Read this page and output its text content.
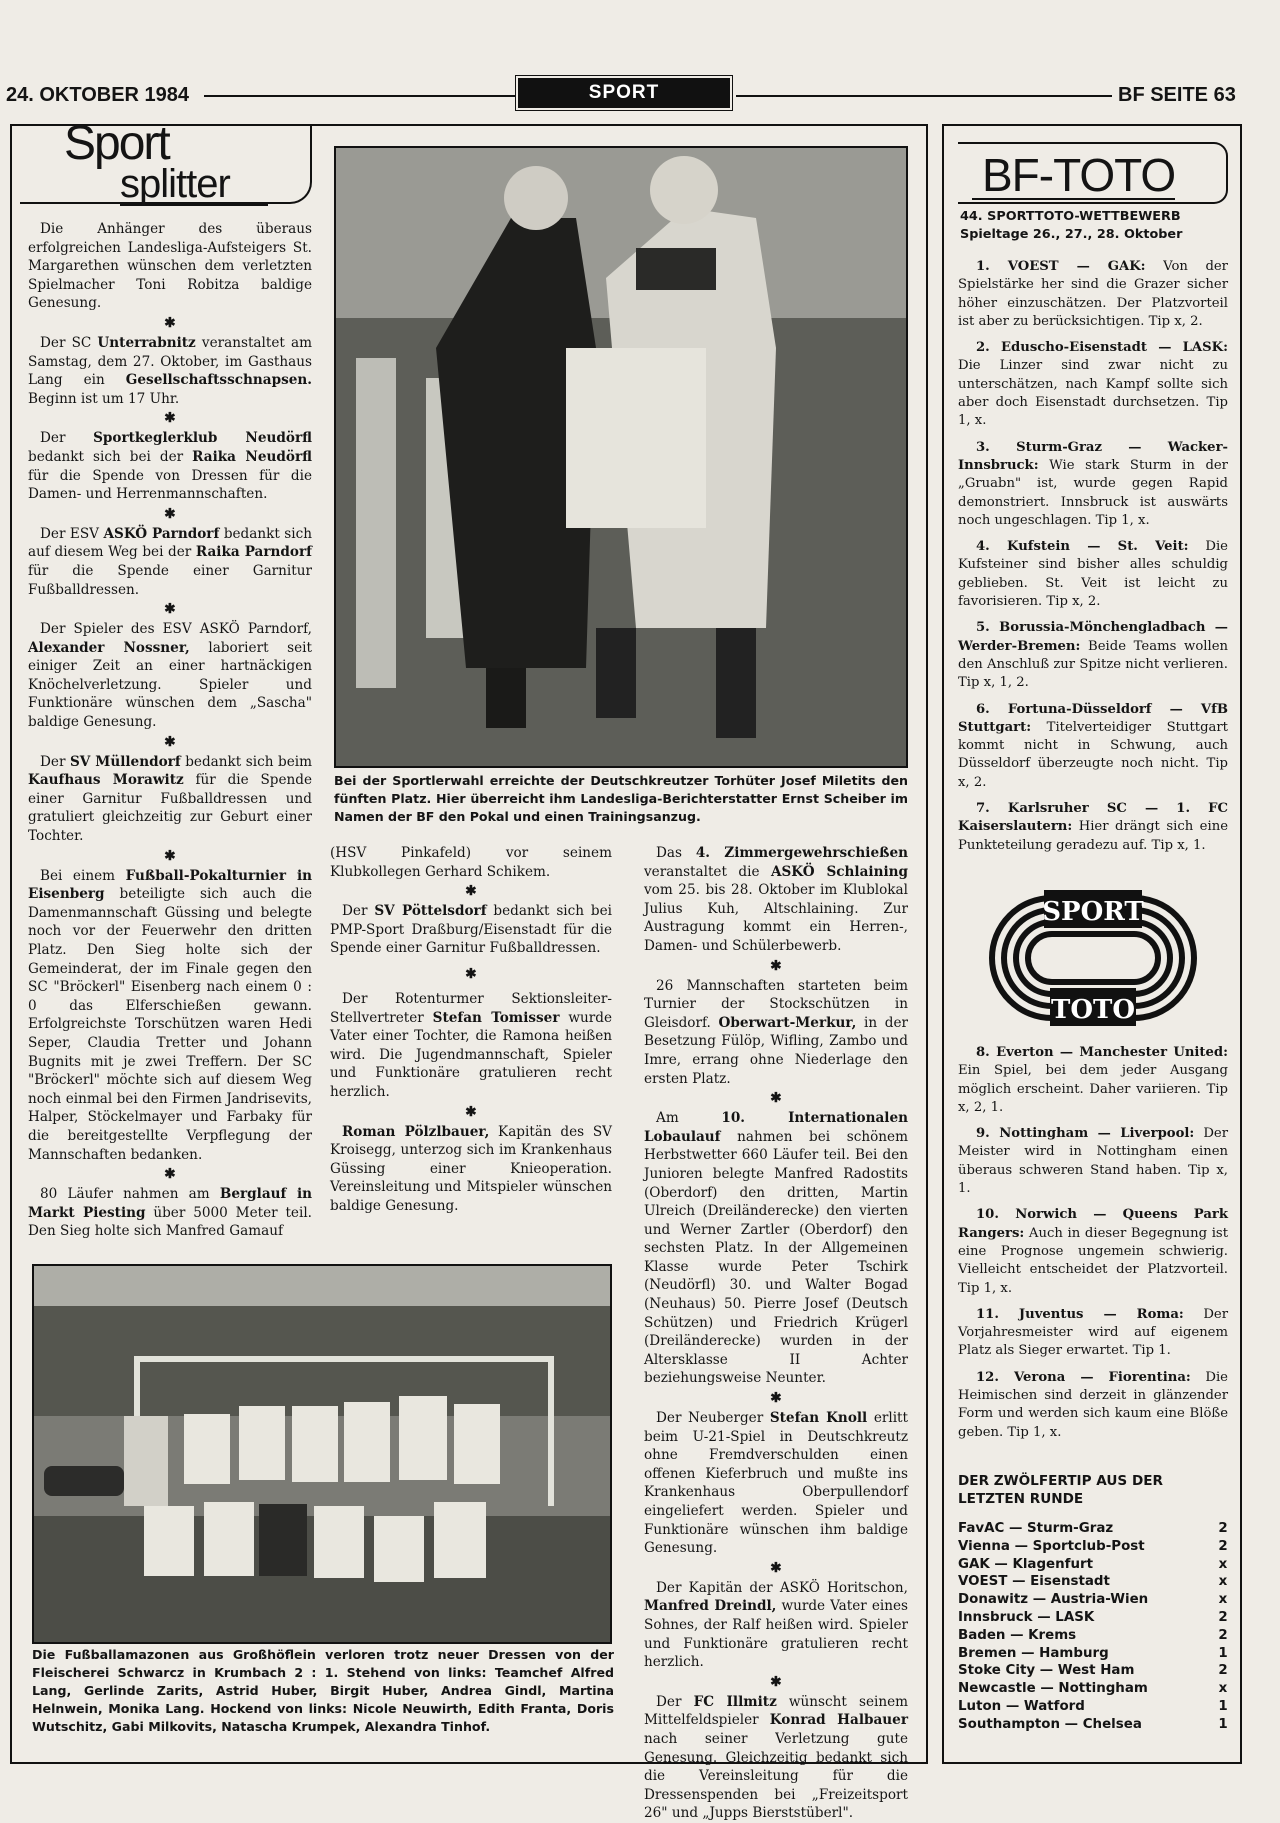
24. OKTOBER 1984	SPORT	BF SEITE 63
Sport
splitter

Die Anhänger des überaus erfolgreichen Landesliga-Aufsteigers St. Margarethen wünschen dem verletzten Spielmacher Toni Robitza baldige Genesung.

✱

Der SC Unterrabnitz veranstaltet am Samstag, dem 27. Oktober, im Gasthaus Lang ein Gesellschaftsschnapsen. Beginn ist um 17 Uhr.

✱

Der Sportkeglerklub Neudörfl bedankt sich bei der Raika Neudörfl für die Spende von Dressen für die Damen- und Herrenmannschaften.

✱

Der ESV ASKÖ Parndorf bedankt sich auf diesem Weg bei der Raika Parndorf für die Spende einer Garnitur Fußballdressen.

✱

Der Spieler des ESV ASKÖ Parndorf, Alexander Nossner, laboriert seit einiger Zeit an einer hartnäckigen Knöchelverletzung. Spieler und Funktionäre wünschen dem „Sascha" baldige Genesung.

✱

Der SV Müllendorf bedankt sich beim Kaufhaus Morawitz für die Spende einer Garnitur Fußballdressen und gratuliert gleichzeitig zur Geburt einer Tochter.

✱

Bei einem Fußball-Pokalturnier in Eisenberg beteiligte sich auch die Damenmannschaft Güssing und belegte noch vor der Feuerwehr den dritten Platz. Den Sieg holte sich der Gemeinderat, der im Finale gegen den SC "Bröckerl" Eisenberg nach einem 0 : 0 das Elferschießen gewann. Erfolgreichste Torschützen waren Hedi Seper, Claudia Tretter und Johann Bugnits mit je zwei Treffern. Der SC "Bröckerl" möchte sich auf diesem Weg noch einmal bei den Firmen Jandrisevits, Halper, Stöckelmayer und Farbaky für die bereitgestellte Verpflegung der Mannschaften bedanken.

✱

80 Läufer nahmen am Berglauf in Markt Piesting über 5000 Meter teil. Den Sieg holte sich Manfred Gamauf

Bei der Sportlerwahl erreichte der Deutschkreutzer Torhüter Josef Miletits den fünften Platz. Hier überreicht ihm Landesliga-Berichterstatter Ernst Scheiber im Namen der BF den Pokal und einen Trainingsanzug.

(HSV Pinkafeld) vor seinem Klubkollegen Gerhard Schikem.

✱

Der SV Pöttelsdorf bedankt sich bei PMP-Sport Draßburg/Eisenstadt für die Spende einer Garnitur Fußballdressen.

✱

Der Rotenturmer Sektionsleiter-Stellvertreter Stefan Tomisser wurde Vater einer Tochter, die Ramona heißen wird. Die Jugendmannschaft, Spieler und Funktionäre gratulieren recht herzlich.

✱

Roman Pölzlbauer, Kapitän des SV Kroisegg, unterzog sich im Krankenhaus Güssing einer Knieoperation. Vereinsleitung und Mitspieler wünschen baldige Genesung.

Das 4. Zimmergewehrschießen veranstaltet die ASKÖ Schlaining vom 25. bis 28. Oktober im Klublokal Julius Kuh, Altschlaining. Zur Austragung kommt ein Herren-, Damen- und Schülerbewerb.

✱

26 Mannschaften starteten beim Turnier der Stockschützen in Gleisdorf. Oberwart-Merkur, in der Besetzung Fülöp, Wifling, Zambo und Imre, errang ohne Niederlage den ersten Platz.

✱

Am 10. Internationalen Lobaulauf nahmen bei schönem Herbstwetter 660 Läufer teil. Bei den Junioren belegte Manfred Radostits (Oberdorf) den dritten, Martin Ulreich (Dreiländerecke) den vierten und Werner Zartler (Oberdorf) den sechsten Platz. In der Allgemeinen Klasse wurde Peter Tschirk (Neudörfl) 30. und Walter Bogad (Neuhaus) 50. Pierre Josef (Deutsch Schützen) und Friedrich Krügerl (Dreiländerecke) wurden in der Altersklasse II Achter beziehungsweise Neunter.

✱

Der Neuberger Stefan Knoll erlitt beim U-21-Spiel in Deutschkreutz ohne Fremdverschulden einen offenen Kieferbruch und mußte ins Krankenhaus Oberpullendorf eingeliefert werden. Spieler und Funktionäre wünschen ihm baldige Genesung.

✱

Der Kapitän der ASKÖ Horitschon, Manfred Dreindl, wurde Vater eines Sohnes, der Ralf heißen wird. Spieler und Funktionäre gratulieren recht herzlich.

✱

Der FC Illmitz wünscht seinem Mittelfeldspieler Konrad Halbauer nach seiner Verletzung gute Genesung. Gleichzeitig bedankt sich die Vereinsleitung für die Dressenspenden bei „Freizeitsport 26" und „Jupps Bierststüberl".

Die Fußballamazonen aus Großhöflein verloren trotz neuer Dressen von der Fleischerei Schwarcz in Krumbach 2 : 1. Stehend von links: Teamchef Alfred Lang, Gerlinde Zarits, Astrid Huber, Birgit Huber, Andrea Gindl, Martina Helnwein, Monika Lang. Hockend von links: Nicole Neuwirth, Edith Franta, Doris Wutschitz, Gabi Milkovits, Natascha Krumpek, Alexandra Tinhof.
BF-TOTO
44. SPORTTOTO-WETTBEWERB
Spieltage 26., 27., 28. Oktober

1. VOEST — GAK: Von der Spielstärke her sind die Grazer sicher höher einzuschätzen. Der Platzvorteil ist aber zu berücksichtigen. Tip x, 2.

2. Eduscho-Eisenstadt — LASK: Die Linzer sind zwar nicht zu unterschätzen, nach Kampf sollte sich aber doch Eisenstadt durchsetzen. Tip 1, x.

3. Sturm-Graz — Wacker-Innsbruck: Wie stark Sturm in der „Gruabn" ist, wurde gegen Rapid demonstriert. Innsbruck ist auswärts noch ungeschlagen. Tip 1, x.

4. Kufstein — St. Veit: Die Kufsteiner sind bisher alles schuldig geblieben. St. Veit ist leicht zu favorisieren. Tip x, 2.

5. Borussia-Mönchengladbach — Werder-Bremen: Beide Teams wollen den Anschluß zur Spitze nicht verlieren. Tip x, 1, 2.

6. Fortuna-Düsseldorf — VfB Stuttgart: Titelverteidiger Stuttgart kommt nicht in Schwung, auch Düsseldorf überzeugte noch nicht. Tip x, 2.

7. Karlsruher SC — 1. FC Kaiserslautern: Hier drängt sich eine Punkteteilung geradezu auf. Tip x, 1.

SPORT
TOTO

8. Everton — Manchester United: Ein Spiel, bei dem jeder Ausgang möglich erscheint. Daher variieren. Tip x, 2, 1.

9. Nottingham — Liverpool: Der Meister wird in Nottingham einen überaus schweren Stand haben. Tip x, 1.

10. Norwich — Queens Park Rangers: Auch in dieser Begegnung ist eine Prognose ungemein schwierig. Vielleicht entscheidet der Platzvorteil. Tip 1, x.

11. Juventus — Roma: Der Vorjahresmeister wird auf eigenem Platz als Sieger erwartet. Tip 1.

12. Verona — Fiorentina: Die Heimischen sind derzeit in glänzender Form und werden sich kaum eine Blöße geben. Tip 1, x.

DER ZWÖLFERTIP AUS DER LETZTEN RUNDE
FavAC — Sturm-Graz	2
Vienna — Sportclub-Post	2
GAK — Klagenfurt	x
VOEST — Eisenstadt	x
Donawitz — Austria-Wien	x
Innsbruck — LASK	2
Baden — Krems	2
Bremen — Hamburg	1
Stoke City — West Ham	2
Newcastle — Nottingham	x
Luton — Watford	1
Southampton — Chelsea	1
